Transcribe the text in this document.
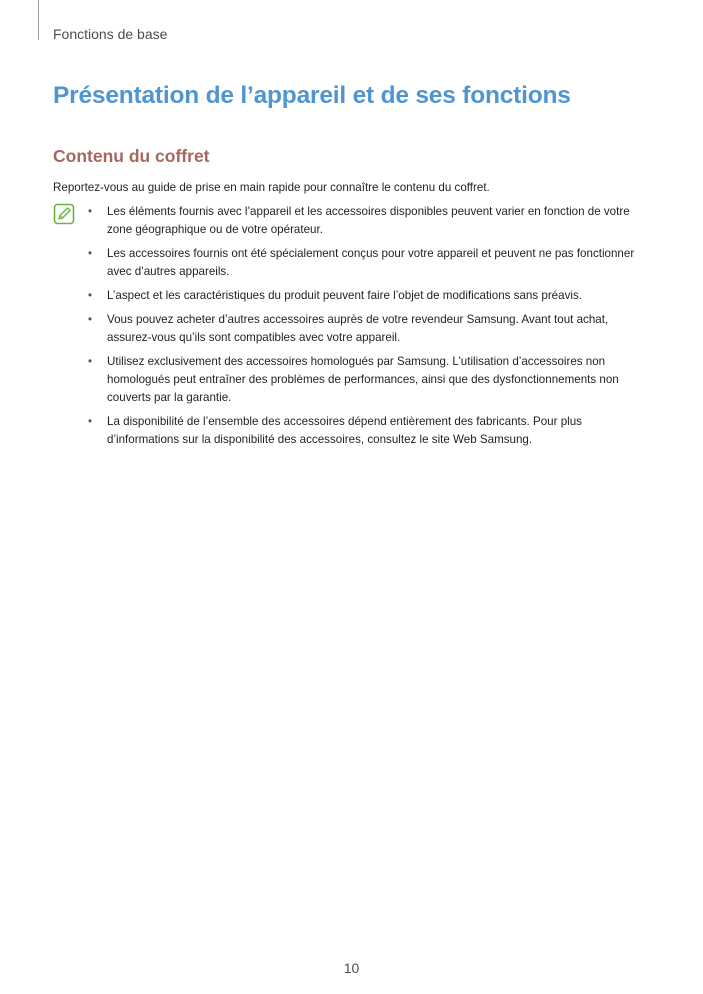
Fonctions de base
Présentation de l’appareil et de ses fonctions
Contenu du coffret

Reportez-vous au guide de prise en main rapide pour connaître le contenu du coffret.

• Les éléments fournis avec l’appareil et les accessoires disponibles peuvent varier en fonction de votre zone géographique ou de votre opérateur.
• Les accessoires fournis ont été spécialement conçus pour votre appareil et peuvent ne pas fonctionner avec d’autres appareils.
• L’aspect et les caractéristiques du produit peuvent faire l’objet de modifications sans préavis.
• Vous pouvez acheter d’autres accessoires auprès de votre revendeur Samsung. Avant tout achat, assurez-vous qu’ils sont compatibles avec votre appareil.
• Utilisez exclusivement des accessoires homologués par Samsung. L’utilisation d’accessoires non homologués peut entraîner des problèmes de performances, ainsi que des dysfonctionnements non couverts par la garantie.
• La disponibilité de l’ensemble des accessoires dépend entièrement des fabricants. Pour plus d’informations sur la disponibilité des accessoires, consultez le site Web Samsung.
10
